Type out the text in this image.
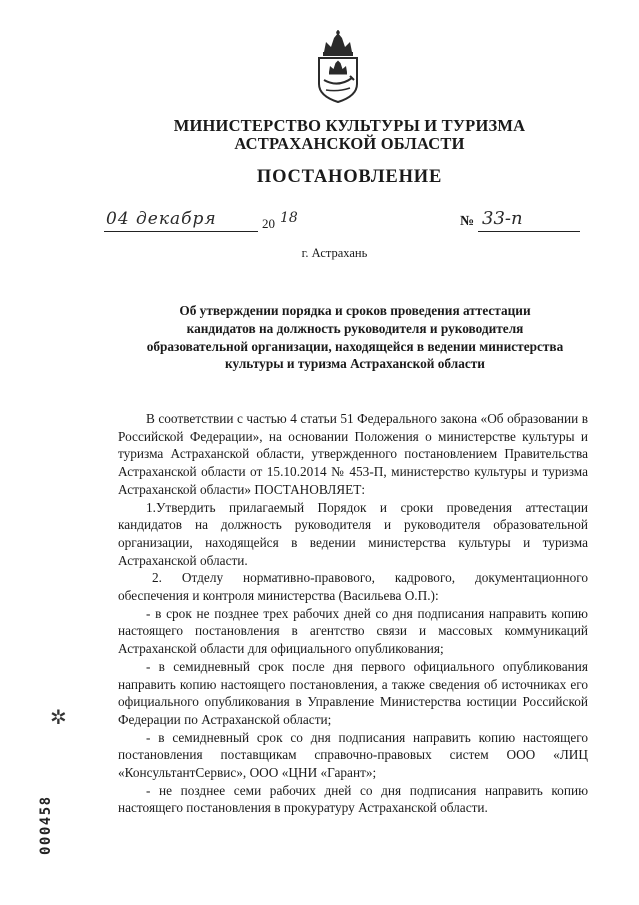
МИНИСТЕРСТВО КУЛЬТУРЫ И ТУРИЗМА
АСТРАХАНСКОЙ ОБЛАСТИ
ПОСТАНОВЛЕНИЕ
04 декабря	20 18	№ 33-п
г. Астрахань
Об утверждении порядка и сроков проведения аттестации
кандидатов на должность руководителя и руководителя
образовательной организации, находящейся в ведении министерства
культуры и туризма Астраханской области

В соответствии с частью 4 статьи 51 Федерального закона «Об образовании в Российской Федерации», на основании Положения о министерстве культуры и туризма Астраханской области, утвержденного постановлением Правительства Астраханской области от 15.10.2014 № 453-П, министерство культуры и туризма Астраханской области» ПОСТАНОВЛЯЕТ:

1.Утвердить прилагаемый Порядок и сроки проведения аттестации кандидатов на должность руководителя и руководителя образовательной организации, находящейся в ведении министерства культуры и туризма Астраханской области.

2. Отделу нормативно-правового, кадрового, документационного обеспечения и контроля министерства (Васильева О.П.):

- в срок не позднее трех рабочих дней со дня подписания направить копию настоящего постановления в агентство связи и массовых коммуникаций Астраханской области для официального опубликования;

- в семидневный срок после дня первого официального опубликования направить копию настоящего постановления, а также сведения об источниках его официального опубликования в Управление Министерства юстиции Российской Федерации по Астраханской области;

- в семидневный срок со дня подписания направить копию настоящего постановления поставщикам справочно-правовых систем ООО «ЛИЦ «КонсультантСервис», ООО «ЦНИ «Гарант»;

- не позднее семи рабочих дней со дня подписания направить копию настоящего постановления в прокуратуру Астраханской области.

✲
000458
